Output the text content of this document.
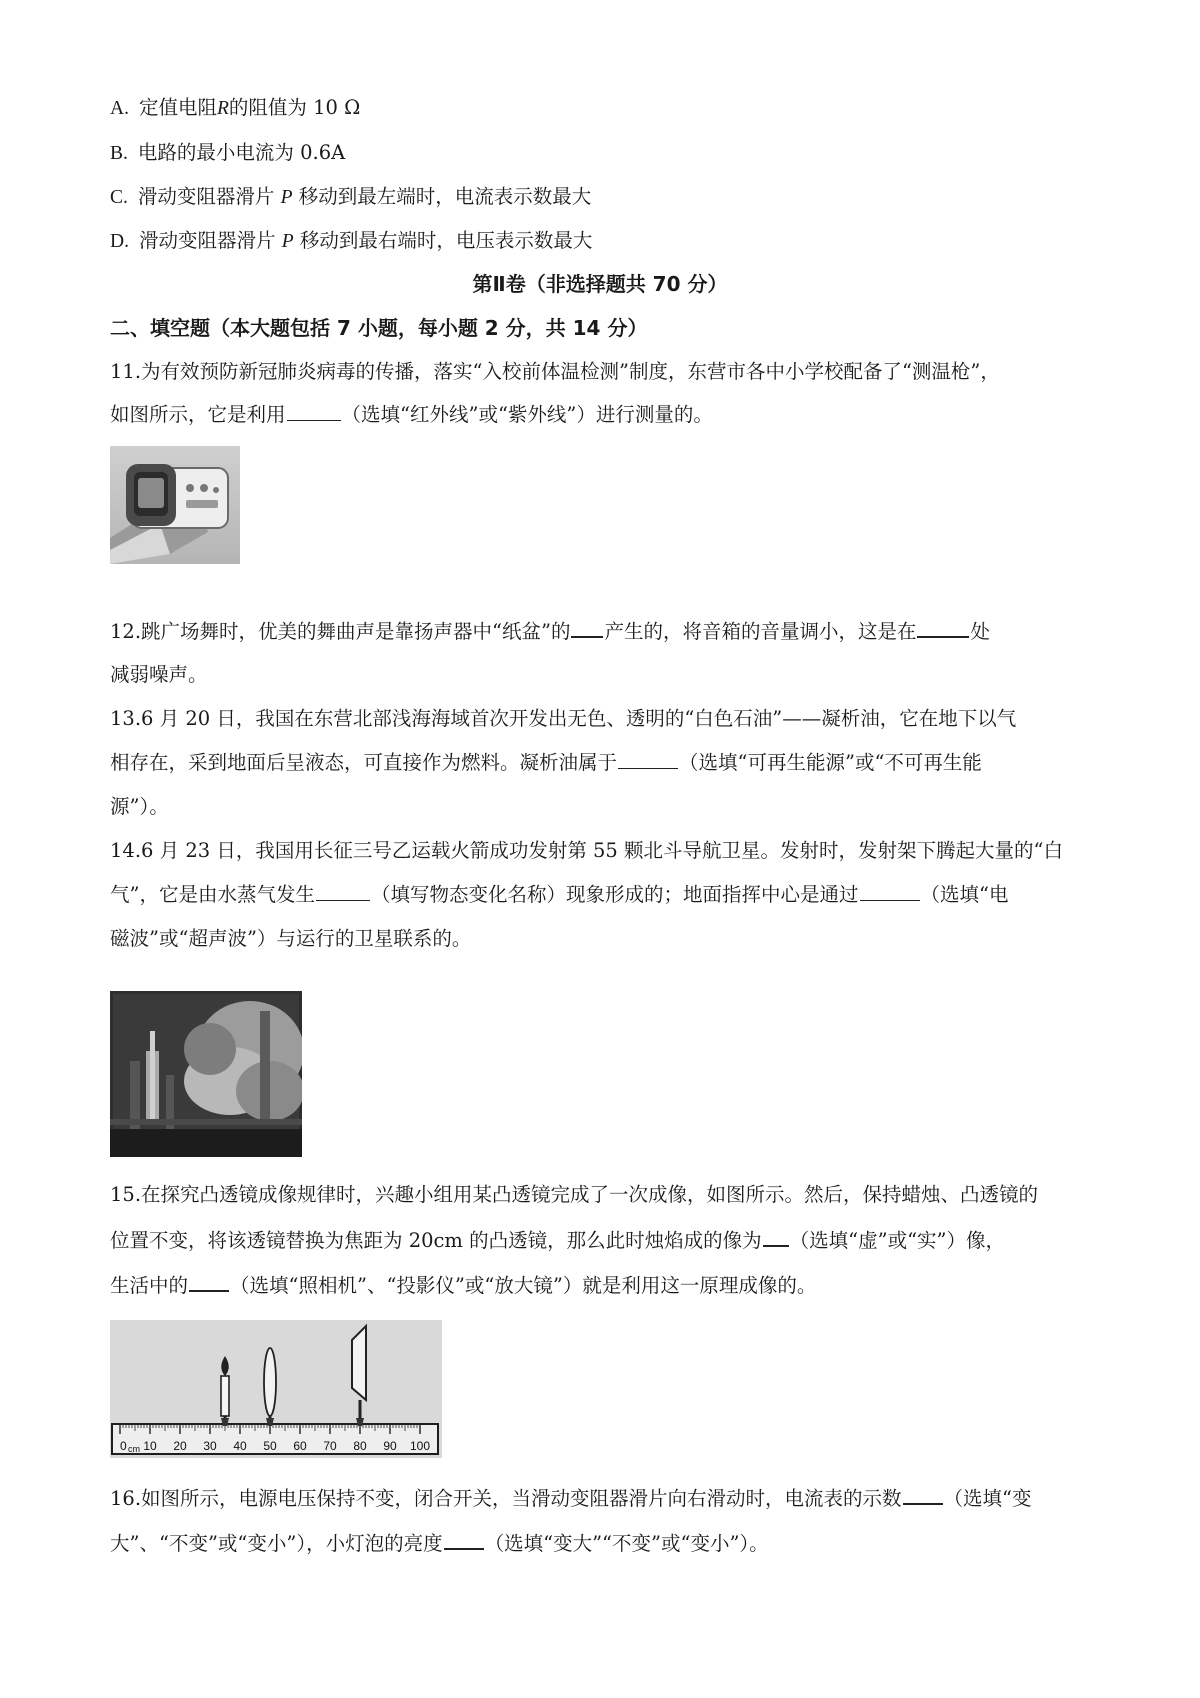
A. 定值电阻R的阻值为 10 Ω

B. 电路的最小电流为 0.6A

C. 滑动变阻器滑片 P 移动到最左端时，电流表示数最大

D. 滑动变阻器滑片 P 移动到最右端时，电压表示数最大

第Ⅱ卷（非选择题共 70 分）
二、填空题（本大题包括 7 小题，每小题 2 分，共 14 分）

11.为有效预防新冠肺炎病毒的传播，落实“入校前体温检测”制度，东营市各中小学校配备了“测温枪”，

如图所示，它是利用	（选填“红外线”或“紫外线”）进行测量的。

12.跳广场舞时，优美的舞曲声是靠扬声器中“纸盆”的 产生的，将音箱的音量调小，这是在	处

减弱噪声。

13.6 月 20 日，我国在东营北部浅海海域首次开发出无色、透明的“白色石油”——凝析油，它在地下以气

相存在，采到地面后呈液态，可直接作为燃料。凝析油属于	（选填“可再生能源”或“不可再生能

源”）。

14.6 月 23 日，我国用长征三号乙运载火箭成功发射第 55 颗北斗导航卫星。发射时，发射架下腾起大量的“白

气”，它是由水蒸气发生	（填写物态变化名称）现象形成的；地面指挥中心是通过	（选填“电

磁波”或“超声波”）与运行的卫星联系的。

15.在探究凸透镜成像规律时，兴趣小组用某凸透镜完成了一次成像，如图所示。然后，保持蜡烛、凸透镜的

位置不变，将该透镜替换为焦距为 20cm 的凸透镜，那么此时烛焰成的像为 （选填“虚”或“实”）像，

生活中的 （选填“照相机”、“投影仪”或“放大镜”）就是利用这一原理成像的。

0 cm 10 20 30 40 50 60 70 80 90 100

16.如图所示，电源电压保持不变，闭合开关，当滑动变阻器滑片向右滑动时，电流表的示数 （选填“变

大”、“不变”或“变小”），小灯泡的亮度 （选填“变大”“不变”或“变小”）。
